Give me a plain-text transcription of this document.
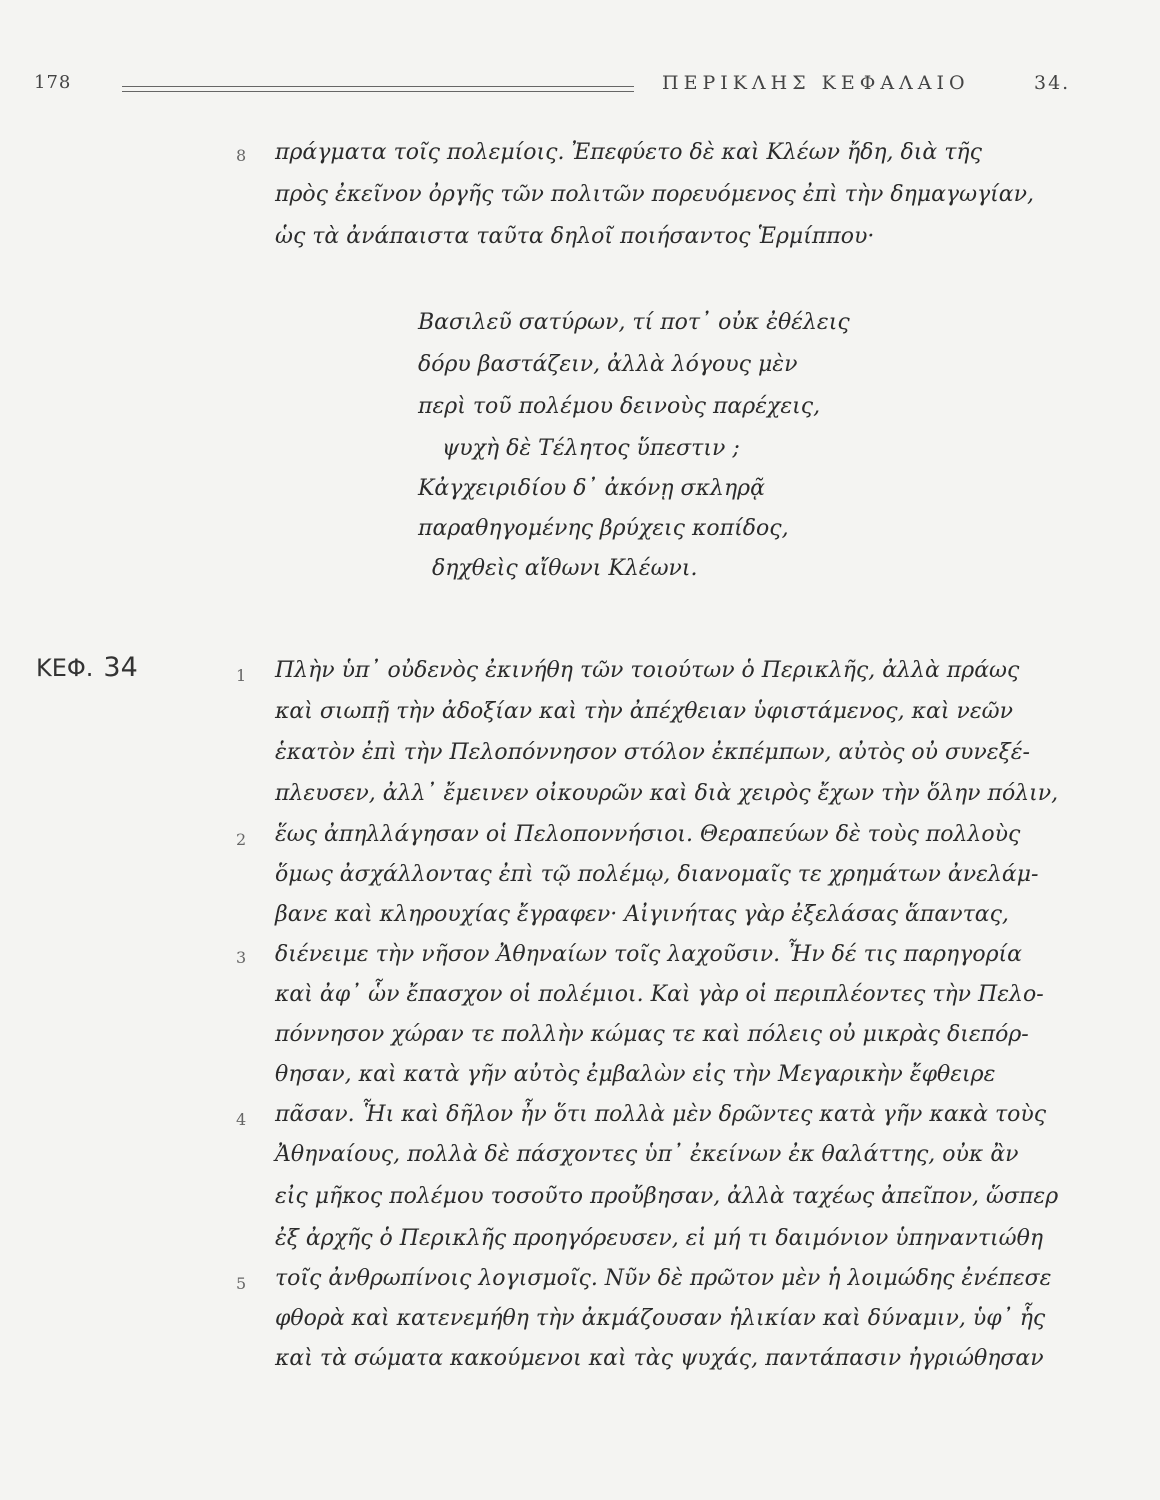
178	ΠΕΡΙΚΛΗΣ ΚΕΦΑΛΑΙΟ	34.
8 πράγματα τοῖς πολεμίοις. Ἐπεφύετο δὲ καὶ Κλέων ἤδη, διὰ τῆς
πρὸς ἐκεῖνον ὀργῆς τῶν πολιτῶν πορευόμενος ἐπὶ τὴν δημαγωγίαν,
ὡς τὰ ἀνάπαιστα ταῦτα δηλοῖ ποιήσαντος Ἑρμίππου·
Βασιλεῦ σατύρων, τί ποτ᾽ οὐκ ἐθέλεις
δόρυ βαστάζειν, ἀλλὰ λόγους μὲν
περὶ τοῦ πολέμου δεινοὺς παρέχεις,
ψυχὴ δὲ Τέλητος ὕπεστιν ;
Κἀγχειριδίου δ᾽ ἀκόνῃ σκληρᾷ
παραθηγομένης βρύχεις κοπίδος,
δηχθεὶς αἴθωνι Κλέωνι.
ΚΕΦ. 34	1
2
3
4
5
Πλὴν ὑπ᾽ οὐδενὸς ἐκινήθη τῶν τοιούτων ὁ Περικλῆς, ἀλλὰ πράως
καὶ σιωπῇ τὴν ἀδοξίαν καὶ τὴν ἀπέχθειαν ὑφιστάμενος, καὶ νεῶν
ἑκατὸν ἐπὶ τὴν Πελοπόννησον στόλον ἐκπέμπων, αὐτὸς οὐ συνεξέ-
πλευσεν, ἀλλ᾽ ἔμεινεν οἰκουρῶν καὶ διὰ χειρὸς ἔχων τὴν ὅλην πόλιν,
ἕως ἀπηλλάγησαν οἱ Πελοποννήσιοι. Θεραπεύων δὲ τοὺς πολλοὺς
ὅμως ἀσχάλλοντας ἐπὶ τῷ πολέμῳ, διανομαῖς τε χρημάτων ἀνελάμ-
βανε καὶ κληρουχίας ἔγραφεν· Αἰγινήτας γὰρ ἐξελάσας ἅπαντας,
διένειμε τὴν νῆσον Ἀθηναίων τοῖς λαχοῦσιν. Ἦν δέ τις παρηγορία
καὶ ἀφ᾽ ὧν ἔπασχον οἱ πολέμιοι. Καὶ γὰρ οἱ περιπλέοντες τὴν Πελο-
πόννησον χώραν τε πολλὴν κώμας τε καὶ πόλεις οὐ μικρὰς διεπόρ-
θησαν, καὶ κατὰ γῆν αὐτὸς ἐμβαλὼν εἰς τὴν Μεγαρικὴν ἔφθειρε
πᾶσαν. Ἧι καὶ δῆλον ἦν ὅτι πολλὰ μὲν δρῶντες κατὰ γῆν κακὰ τοὺς
Ἀθηναίους, πολλὰ δὲ πάσχοντες ὑπ᾽ ἐκείνων ἐκ θαλάττης, οὐκ ἂν
εἰς μῆκος πολέμου τοσοῦτο προὔβησαν, ἀλλὰ ταχέως ἀπεῖπον, ὥσπερ
ἐξ ἀρχῆς ὁ Περικλῆς προηγόρευσεν, εἰ μή τι δαιμόνιον ὑπηναντιώθη
τοῖς ἀνθρωπίνοις λογισμοῖς. Νῦν δὲ πρῶτον μὲν ἡ λοιμώδης ἐνέπεσε
φθορὰ καὶ κατενεμήθη τὴν ἀκμάζουσαν ἡλικίαν καὶ δύναμιν, ὑφ᾽ ἧς
καὶ τὰ σώματα κακούμενοι καὶ τὰς ψυχάς, παντάπασιν ἠγριώθησαν
